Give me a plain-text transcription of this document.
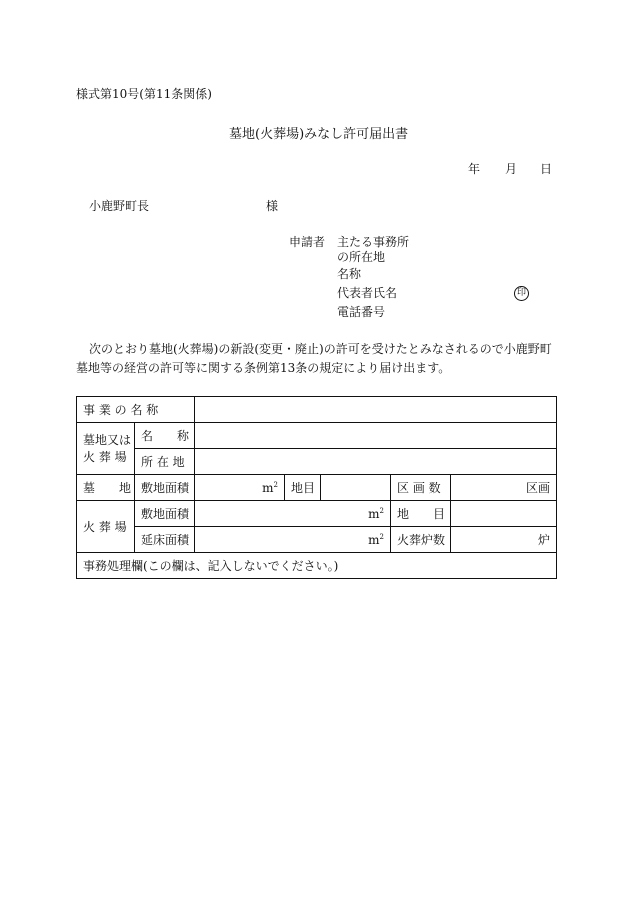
様式第10号(第11条関係)
墓地(火葬場)みなし許可届出書
年 月 日
小鹿野町長	様
申請者 主たる事務所
の所在地
名称
代表者氏名	印
電話番号
次のとおり墓地(火葬場)の新設(変更・廃止)の許可を受けたとみなされるので小鹿野町
墓地等の経営の許可等に関する条例第13条の規定により届け出ます。
事 業 の 名 称						
墓地又は
火 葬 場	名　　称					
	所 在 地					
墓　　地	敷地面積	$m^2$	地目		区 画 数	区画
火 葬 場	敷地面積	$m^2$			地　　目	
	延床面積	$m^2$			火葬炉数	炉
事務処理欄(この欄は、記入しないでください。)						
